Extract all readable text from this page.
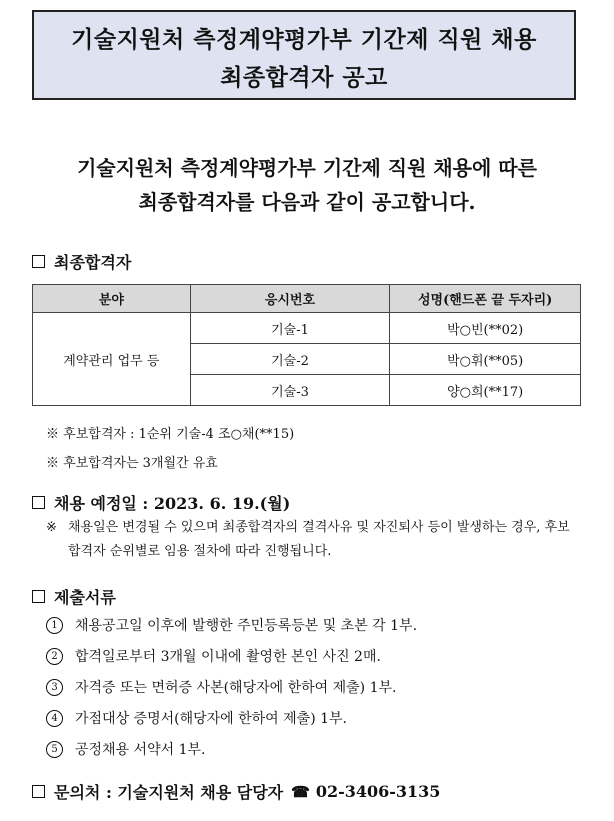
기술지원처 측정계약평가부 기간제 직원 채용
최종합격자 공고
기술지원처 측정계약평가부 기간제 직원 채용에 따른
최종합격자를 다음과 같이 공고합니다.
최종합격자
분야	응시번호	성명(핸드폰 끝 두자리)
계약관리 업무 등	기술-1	박○빈(**02)
	기술-2	박○휘(**05)
	기술-3	양○희(**17)
※ 후보합격자 : 1순위 기술-4 조○채(**15)
※ 후보합격자는 3개월간 유효
채용 예정일 : 2023. 6. 19.(월)
※ 채용일은 변경될 수 있으며 최종합격자의 결격사유 및 자진퇴사 등이 발생하는 경우, 후보합격자 순위별로 임용 절차에 따라 진행됩니다.
제출서류
1	채용공고일 이후에 발행한 주민등록등본 및 초본 각 1부.
2	합격일로부터 3개월 이내에 촬영한 본인 사진 2매.
3	자격증 또는 면허증 사본(해당자에 한하여 제출) 1부.
4	가점대상 증명서(해당자에 한하여 제출) 1부.
5	공정채용 서약서 1부.
문의처 : 기술지원처 채용 담당자 ☎ 02-3406-3135
